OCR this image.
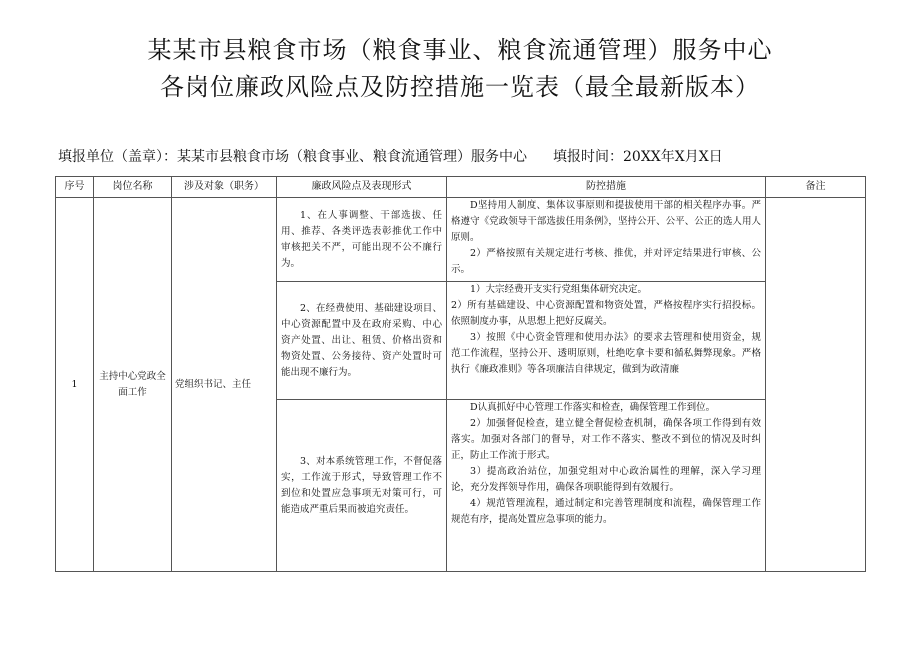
某某市县粮食市场（粮食事业、粮食流通管理）服务中心
各岗位廉政风险点及防控措施一览表（最全最新版本）
填报单位（盖章）：某某市县粮食市场（粮食事业、粮食流通管理）服务中心 填报时间：20XX年X月X日
序号	岗位名称	涉及对象（职务）	廉政风险点及表现形式	防控措施	备注
1	主持中心党政全面工作	党组织书记、主任	1、在人事调整、干部选拔、任用、推荐、各类评选表彰推优工作中审核把关不严，可能出现不公不廉行为。	D坚持用人制度、集体议事原则和提拔使用干部的相关程序办事。严格遵守《党政领导干部选拔任用条例》，坚持公开、公平、公正的选人用人原则。

2）严格按照有关规定进行考核、推优，并对评定结果进行审核、公示。	

			2、在经费使用、基础建设项目、中心资源配置中及在政府采购、中心资产处置、出让、租赁、价格出资和物资处置、公务接待、资产处置时可能出现不廉行为。	1）大宗经费开支实行党组集体研究决定。

2）所有基础建设、中心资源配置和物资处置，严格按程序实行招投标。依照制度办事，从思想上把好反腐关。

3）按照《中心资金管理和使用办法》的要求去管理和使用资金，规范工作流程，坚持公开、透明原则，杜绝吃拿卡要和循私舞弊现象。严格执行《廉政准则》等各项廉洁自律规定，做到为政清廉	

			3、对本系统管理工作，不督促落实，工作流于形式，导致管理工作不到位和处置应急事项无对策可行，可能造成严重后果而被追究责任。	D认真抓好中心管理工作落实和检查，确保管理工作到位。

2）加强督促检查，建立健全督促检查机制，确保各项工作得到有效落实。加强对各部门的督导，对工作不落实、整改不到位的情况及时纠正，防止工作流于形式。

3）提高政治站位，加强党组对中心政治属性的理解，深入学习理论，充分发挥领导作用，确保各项职能得到有效履行。

4）规范管理流程，通过制定和完善管理制度和流程，确保管理工作规范有序，提高处置应急事项的能力。	
